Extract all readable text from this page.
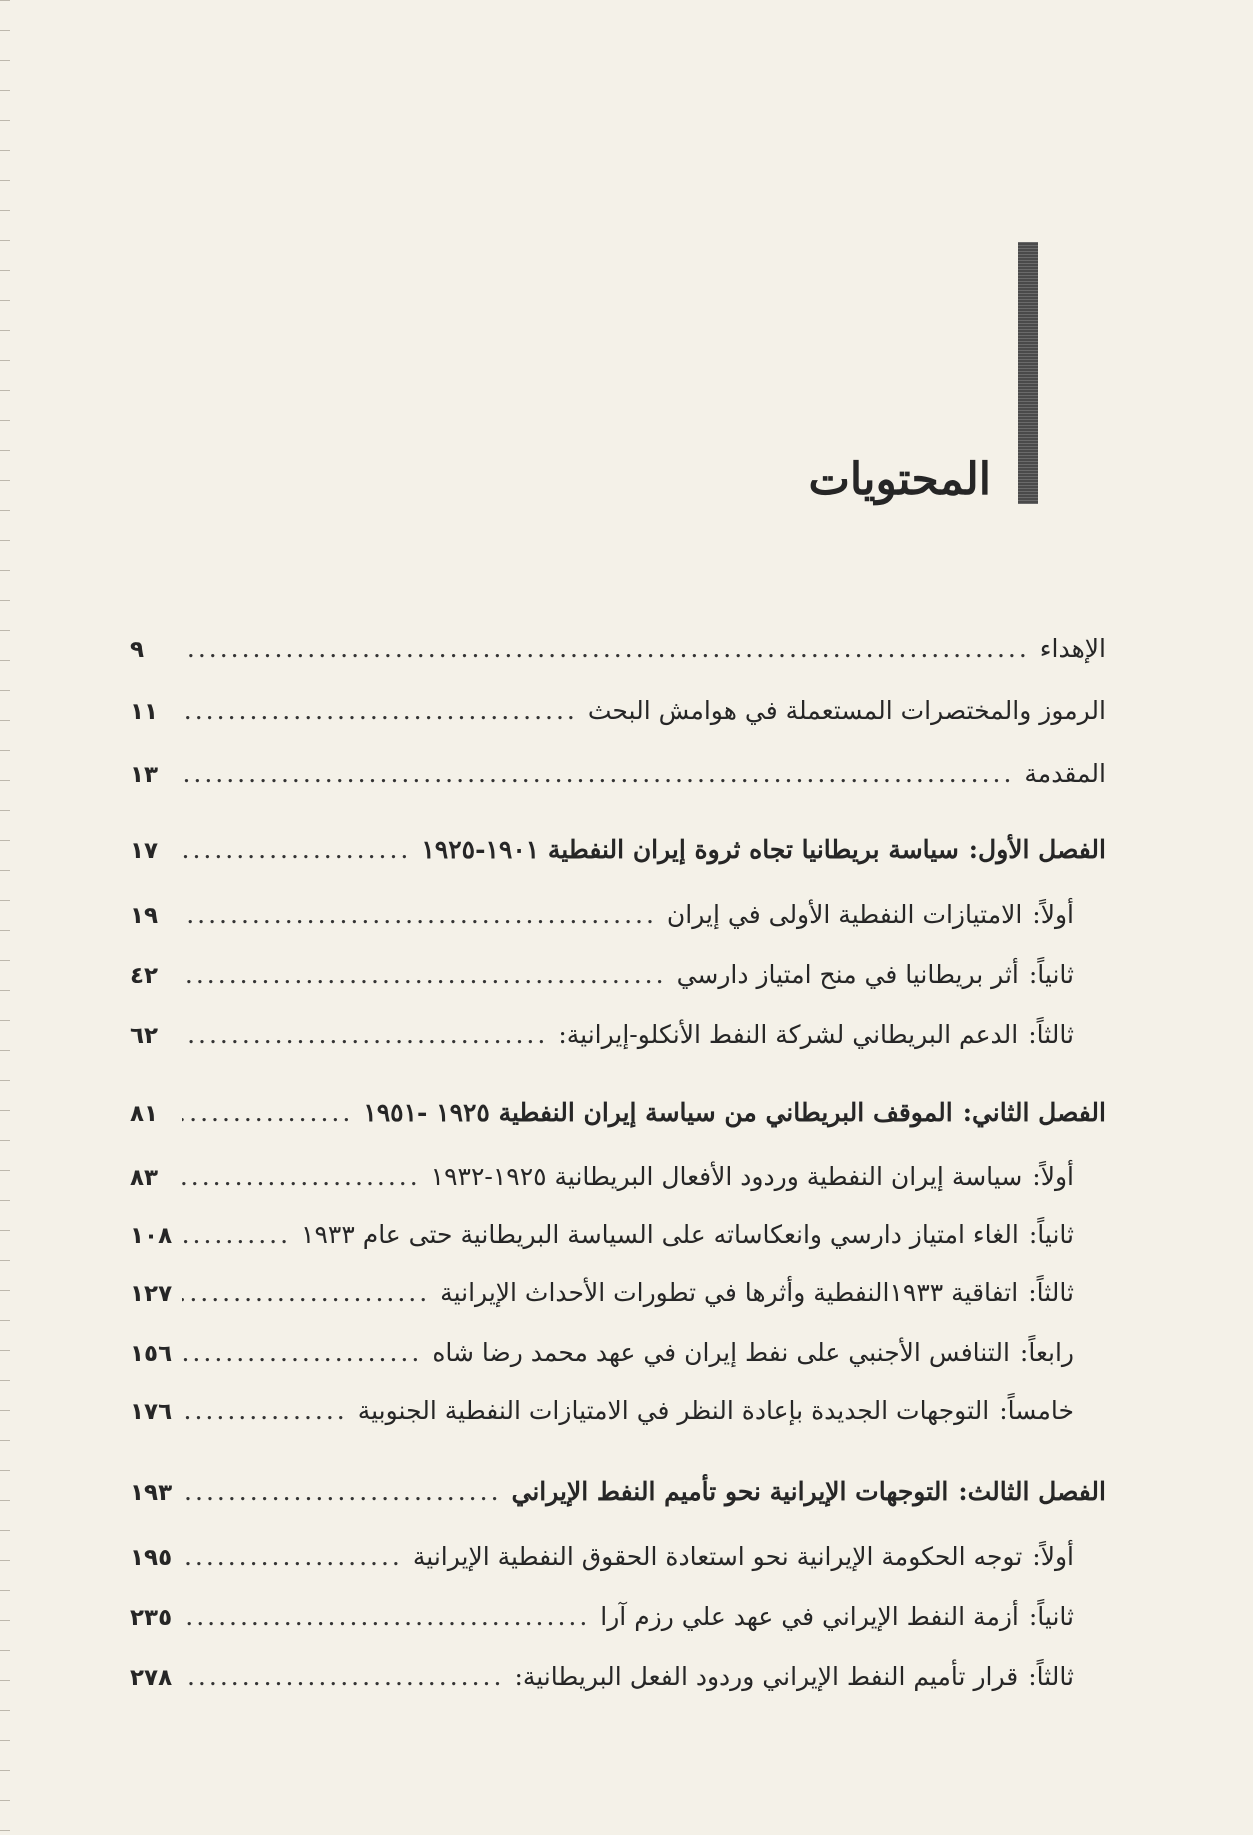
المحتويات
الإهداء
.....
٩
الرموز والمختصرات المستعملة في هوامش البحث
.....
١١
المقدمة
.....
١٣
الفصل الأول:سياسة بريطانيا تجاه ثروة إيران النفطية ١٩٠١-١٩٢٥
.....
١٧
أولاً:الامتيازات النفطية الأولى في إيران
.....
١٩
ثانياً:أثر بريطانيا في منح امتياز دارسي
.....
٤٢
ثالثاً:الدعم البريطاني لشركة النفط الأنكلو-إيرانية:
.....
٦٢
الفصل الثاني:الموقف البريطاني من سياسة إيران النفطية ١٩٢٥ -١٩٥١
.....
٨١
أولاً:سياسة إيران النفطية وردود الأفعال البريطانية ١٩٢٥-١٩٣٢
.....
٨٣
ثانياً:الغاء امتياز دارسي وانعكاساته على السياسة البريطانية حتى عام ١٩٣٣
.....
١٠٨
ثالثاً:اتفاقية ١٩٣٣النفطية وأثرها في تطورات الأحداث الإيرانية
.....
١٢٧
رابعاً:التنافس الأجنبي على نفط إيران في عهد محمد رضا شاه
.....
١٥٦
خامساً:التوجهات الجديدة بإعادة النظر في الامتيازات النفطية الجنوبية
.....
١٧٦
الفصل الثالث:التوجهات الإيرانية نحو تأميم النفط الإيراني
.....
١٩٣
أولاً:توجه الحكومة الإيرانية نحو استعادة الحقوق النفطية الإيرانية
.....
١٩٥
ثانياً:أزمة النفط الإيراني في عهد علي رزم آرا
.....
٢٣٥
ثالثاً:قرار تأميم النفط الإيراني وردود الفعل البريطانية:
.....
٢٧٨
